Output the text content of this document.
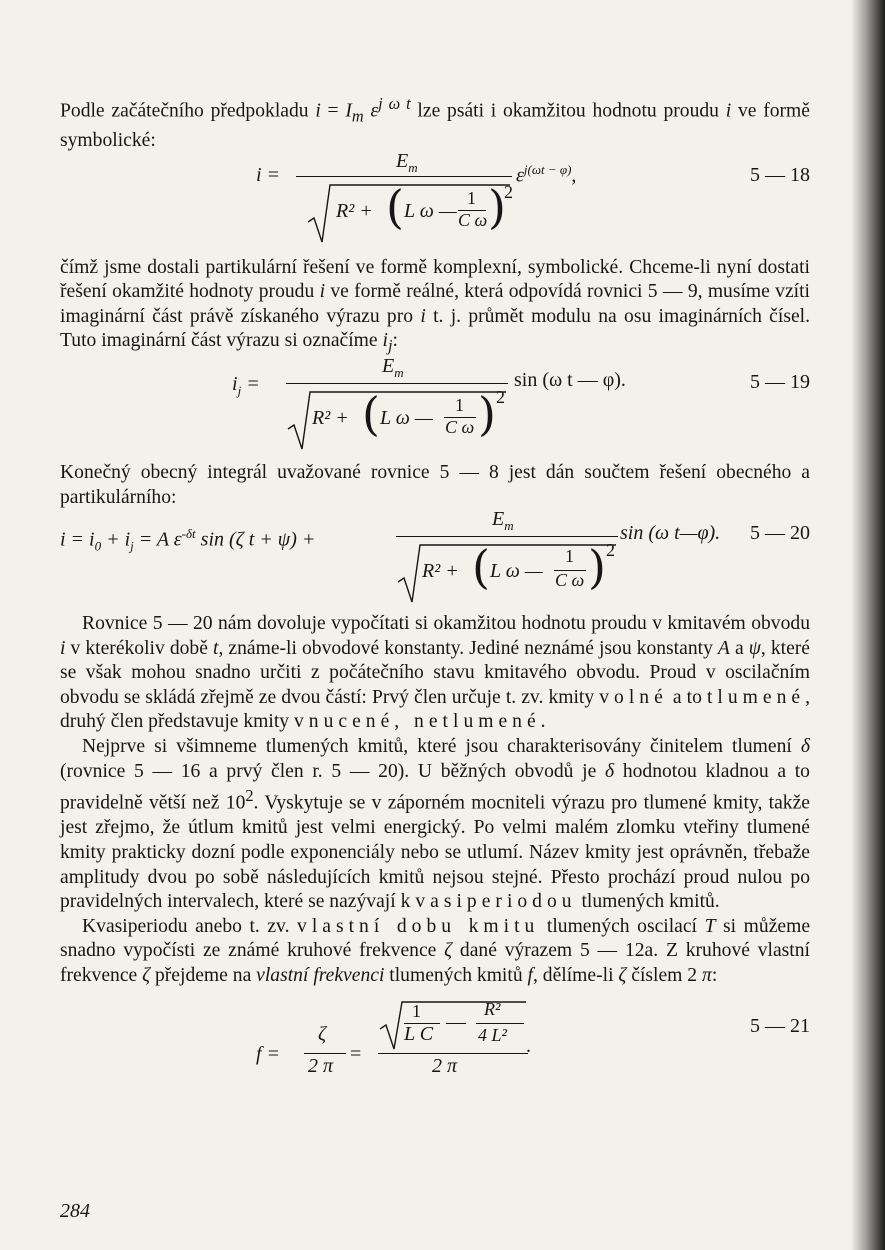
Podle začátečního předpokladu $i = I_m$ $\varepsilon^{j \omega t}$ lze psáti i okamžitou hodnotu proudu i ve formě symbolické:

i =
$E_m$	$\varepsilon^{j(\omega t - \varphi)}$,
R² + ( L ω —
1
C ω )
2
5 — 18

čímž jsme dostali partikulární řešení ve formě komplexní, symbolické. Chceme-li nyní dostati řešení okamžité hodnoty proudu i ve formě reálné, která odpovídá rovnici 5 — 9, musíme vzíti imaginární část právě získaného výrazu pro i t. j. průmět modulu na osu imaginárních čísel. Tuto imaginární část výrazu si označíme $i_j$:

$i_j$ =
$E_m$	sin (ω t — φ).
R² + ( L ω —
1
C ω ) 2
5 — 19

Konečný obecný integrál uvažované rovnice 5 — 8 jest dán součtem řešení obecného a partikulárního:

$i = i_0 + i_j = A$ $\varepsilon^{-\delta t}$ sin (ζ t + ψ) +
$E_m$	sin (ω t—φ).
R² + ( L ω —
1
C ω ) 2
5 — 20

Rovnice 5 — 20 nám dovoluje vypočítati si okamžitou hodnotu proudu v kmitavém obvodu i v kterékoliv době t, známe-li obvodové konstanty. Jediné neznámé jsou konstanty A a ψ, které se však mohou snadno určiti z počátečního stavu kmitavého obvodu. Proud v oscilačním obvodu se skládá zřejmě ze dvou částí: Prvý člen určuje t. zv. kmity volné a to tlumené, druhý člen představuje kmity vnucené, netlumené.

Nejprve si všimneme tlumených kmitů, které jsou charakterisovány činitelem tlumení δ (rovnice 5 — 16 a prvý člen r. 5 — 20). U běžných obvodů je δ hodnotou kladnou a to pravidelně větší než $10^2$. Vyskytuje se v záporném mocniteli výrazu pro tlumené kmity, takže jest zřejmo, že útlum kmitů jest velmi energický. Po velmi malém zlomku vteřiny tlumené kmity prakticky dozní podle exponenciály nebo se utlumí. Název kmity jest oprávněn, třebaže amplitudy dvou po sobě následujících kmitů nejsou stejné. Přesto prochází proud nulou po pravidelných intervalech, které se nazývají kvasiperiodou tlumených kmitů.

Kvasiperiodu anebo t. zv. vlastní dobu kmitu tlumených oscilací T si můžeme snadno vypočísti ze známé kruhové frekvence ζ dané výrazem 5 — 12a. Z kruhové vlastní frekvence ζ přejdeme na vlastní frekvenci tlumených kmitů f, dělíme-li ζ číslem 2 π:

f =
ζ
2 π
=
1
L C
—
R²
4 L²
2 π
.
5 — 21
284
